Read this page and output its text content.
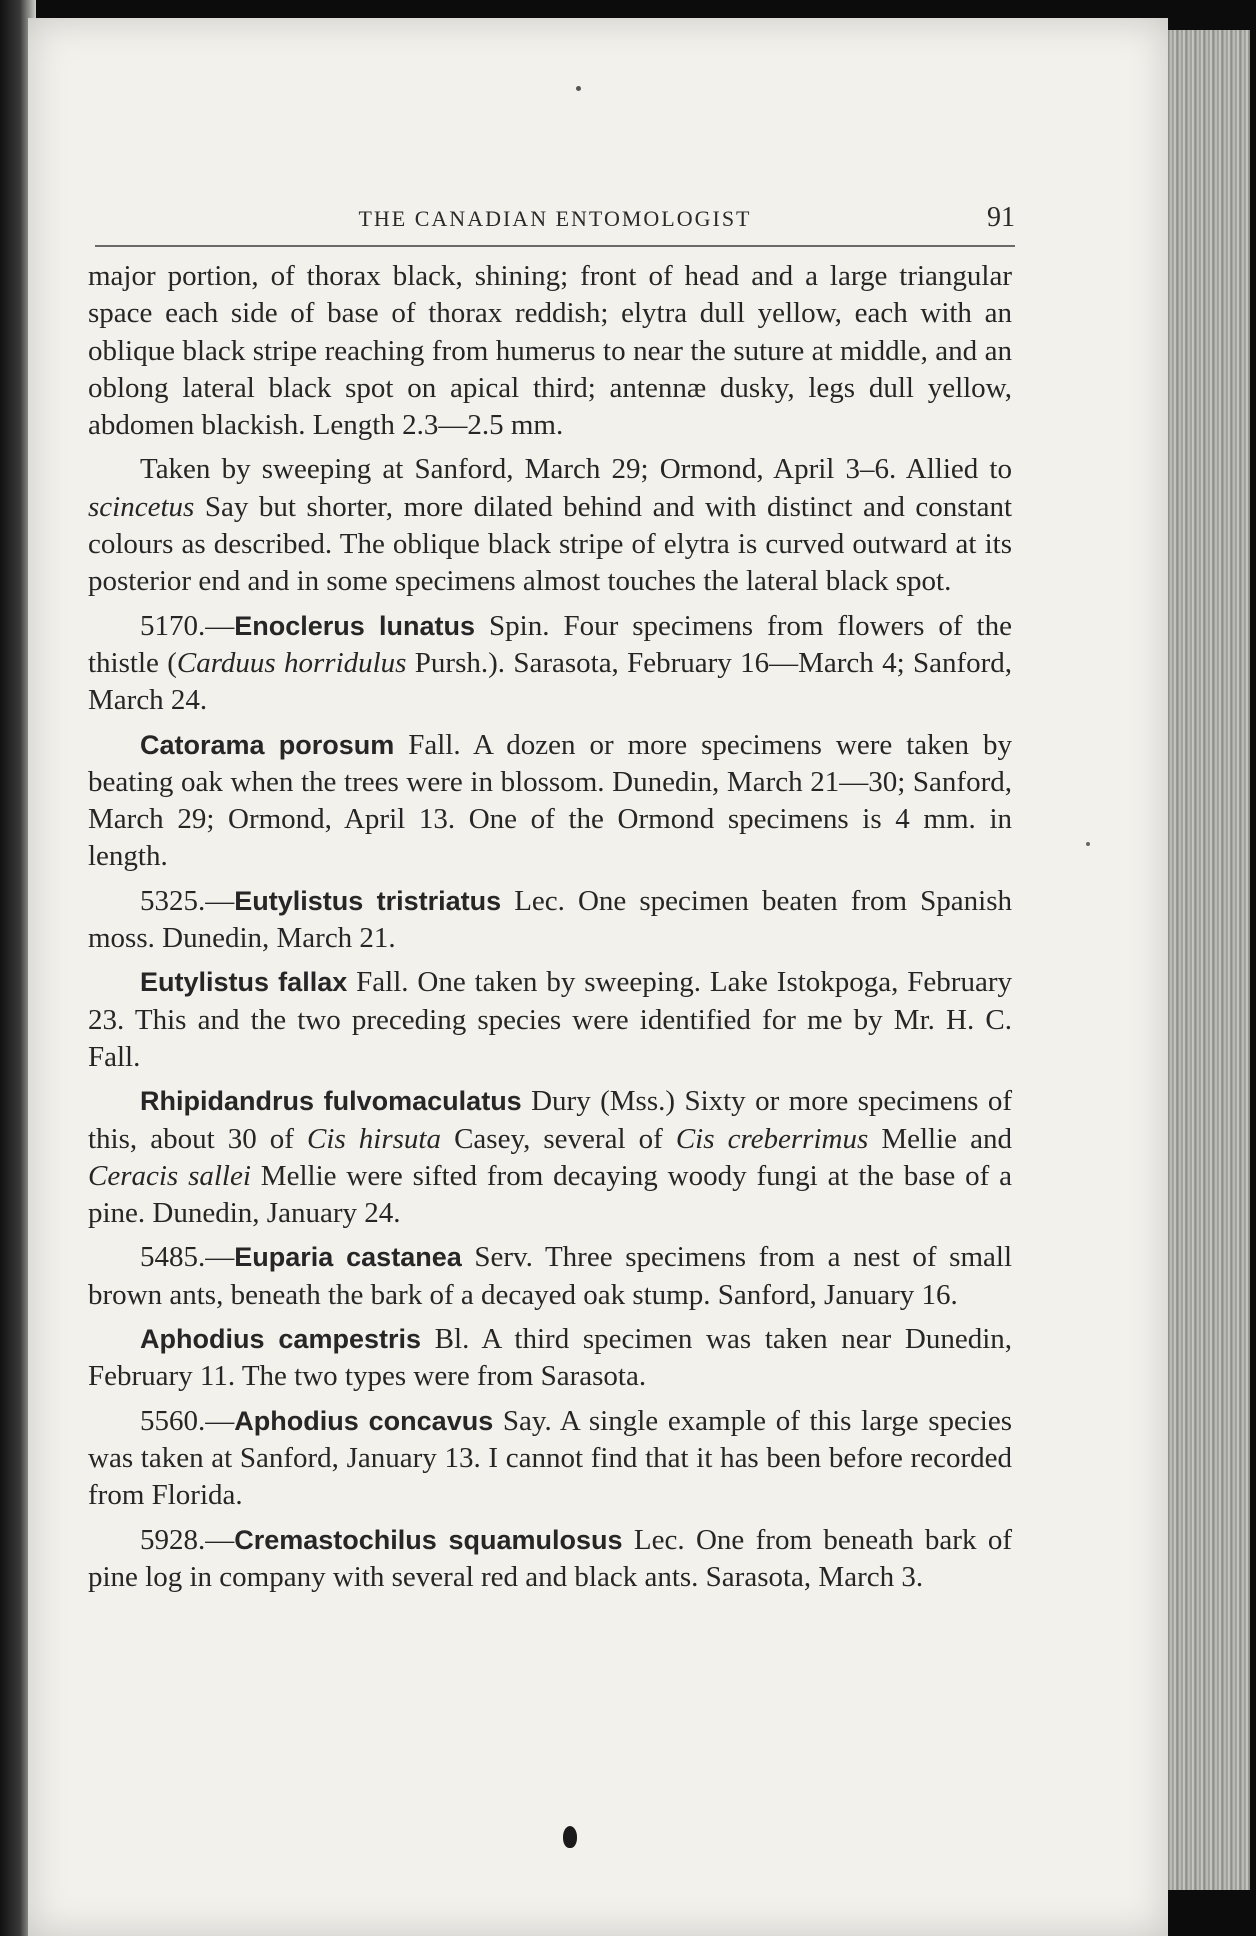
THE CANADIAN ENTOMOLOGIST	91

major portion, of thorax black, shining; front of head and a large triangular space each side of base of thorax reddish; elytra dull yellow, each with an oblique black stripe reaching from humerus to near the suture at middle, and an oblong lateral black spot on apical third; antennæ dusky, legs dull yellow, abdomen blackish. Length 2.3—2.5 mm.

Taken by sweeping at Sanford, March 29; Ormond, April 3–6. Allied to scincetus Say but shorter, more dilated behind and with distinct and constant colours as described. The oblique black stripe of elytra is curved outward at its posterior end and in some specimens almost touches the lateral black spot.

5170.—Enoclerus lunatus Spin. Four specimens from flowers of the thistle (Carduus horridulus Pursh.). Sarasota, February 16—March 4; Sanford, March 24.

Catorama porosum Fall. A dozen or more specimens were taken by beating oak when the trees were in blossom. Dunedin, March 21—30; Sanford, March 29; Ormond, April 13. One of the Ormond specimens is 4 mm. in length.

5325.—Eutylistus tristriatus Lec. One specimen beaten from Spanish moss. Dunedin, March 21.

Eutylistus fallax Fall. One taken by sweeping. Lake Istokpoga, February 23. This and the two preceding species were identified for me by Mr. H. C. Fall.

Rhipidandrus fulvomaculatus Dury (Mss.) Sixty or more specimens of this, about 30 of Cis hirsuta Casey, several of Cis creberrimus Mellie and Ceracis sallei Mellie were sifted from decaying woody fungi at the base of a pine. Dunedin, January 24.

5485.—Euparia castanea Serv. Three specimens from a nest of small brown ants, beneath the bark of a decayed oak stump. Sanford, January 16.

Aphodius campestris Bl. A third specimen was taken near Dunedin, February 11. The two types were from Sarasota.

5560.—Aphodius concavus Say. A single example of this large species was taken at Sanford, January 13. I cannot find that it has been before recorded from Florida.

5928.—Cremastochilus squamulosus Lec. One from beneath bark of pine log in company with several red and black ants. Sarasota, March 3.
